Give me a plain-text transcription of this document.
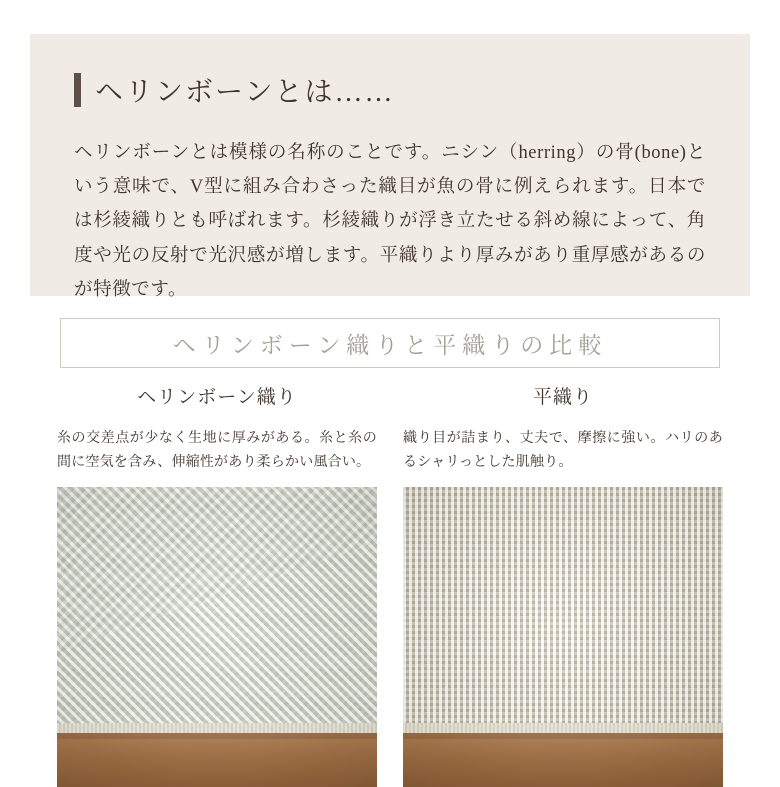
ヘリンボーンとは……

ヘリンボーンとは模様の名称のことです。ニシン（herring）の骨(bone)という意味で、V型に組み合わさった織目が魚の骨に例えられます。日本では杉綾織りとも呼ばれます。杉綾織りが浮き立たせる斜め線によって、角度や光の反射で光沢感が増します。平織りより厚みがあり重厚感があるのが特徴です。

ヘリンボーン織りと平織りの比較
ヘリンボーン織り

糸の交差点が少なく生地に厚みがある。糸と糸の間に空気を含み、伸縮性があり柔らかい風合い。

平織り

織り目が詰まり、丈夫で、摩擦に強い。ハリのあるシャリっとした肌触り。
